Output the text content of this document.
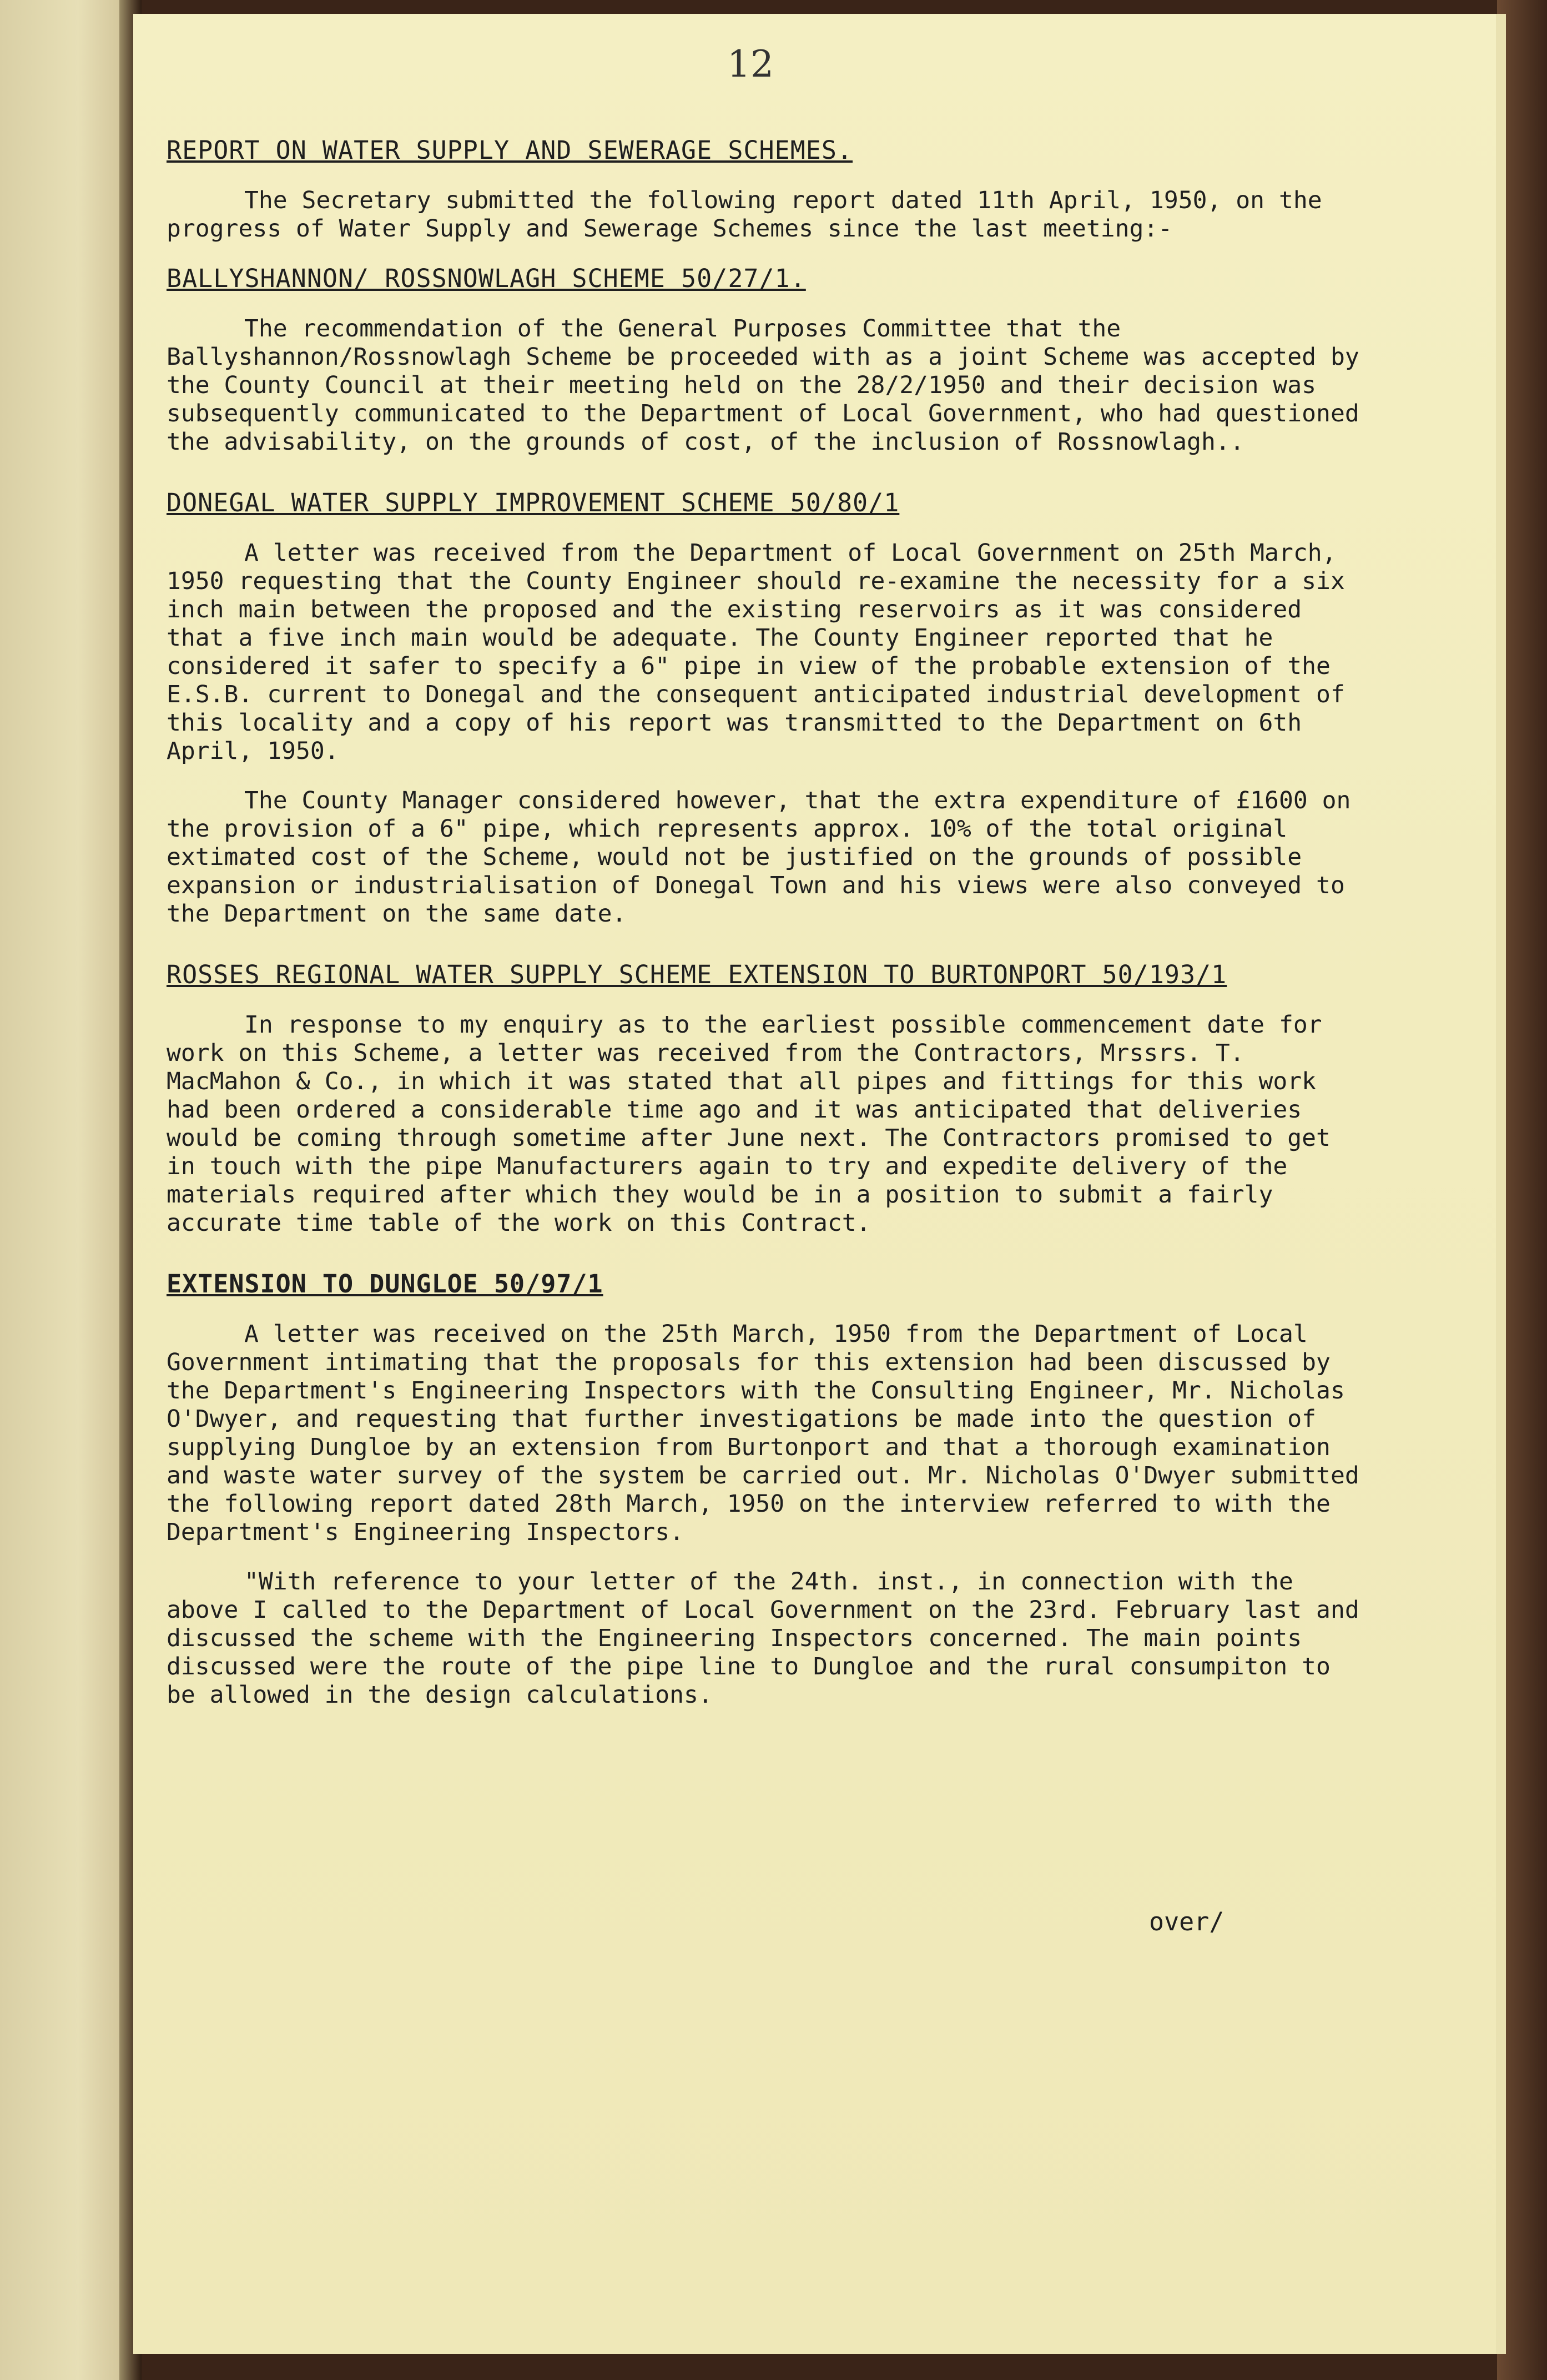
12
REPORT ON WATER SUPPLY AND SEWERAGE SCHEMES.

The Secretary submitted the following report dated 11th April, 1950, on the progress of Water Supply and Sewerage Schemes since the last meeting:-

BALLYSHANNON/ ROSSNOWLAGH SCHEME 50/27/1.

The recommendation of the General Purposes Committee that the Ballyshannon/Rossnowlagh Scheme be proceeded with as a joint Scheme was accepted by the County Council at their meeting held on the 28/2/1950 and their decision was subsequently communicated to the Department of Local Government, who had questioned the advisability, on the grounds of cost, of the inclusion of Rossnowlagh..

DONEGAL WATER SUPPLY IMPROVEMENT SCHEME 50/80/1

A letter was received from the Department of Local Government on 25th March, 1950 requesting that the County Engineer should re-examine the necessity for a six inch main between the proposed and the existing reservoirs as it was considered that a five inch main would be adequate. The County Engineer reported that he considered it safer to specify a 6" pipe in view of the probable extension of the E.S.B. current to Donegal and the consequent anticipated industrial development of this locality and a copy of his report was transmitted to the Department on 6th April, 1950.

The County Manager considered however, that the extra expenditure of £1600 on the provision of a 6" pipe, which represents approx. 10% of the total original extimated cost of the Scheme, would not be justified on the grounds of possible expansion or industrialisation of Donegal Town and his views were also conveyed to the Department on the same date.

ROSSES REGIONAL WATER SUPPLY SCHEME EXTENSION TO BURTONPORT 50/193/1

In response to my enquiry as to the earliest possible commencement date for work on this Scheme, a letter was received from the Contractors, Mrssrs. T. MacMahon & Co., in which it was stated that all pipes and fittings for this work had been ordered a considerable time ago and it was anticipated that deliveries would be coming through sometime after June next. The Contractors promised to get in touch with the pipe Manufacturers again to try and expedite delivery of the materials required after which they would be in a position to submit a fairly accurate time table of the work on this Contract.

EXTENSION TO DUNGLOE 50/97/1

A letter was received on the 25th March, 1950 from the Department of Local Government intimating that the proposals for this extension had been discussed by the Department's Engineering Inspectors with the Consulting Engineer, Mr. Nicholas O'Dwyer, and requesting that further investigations be made into the question of supplying Dungloe by an extension from Burtonport and that a thorough examination and waste water survey of the system be carried out. Mr. Nicholas O'Dwyer submitted the following report dated 28th March, 1950 on the interview referred to with the Department's Engineering Inspectors.

"With reference to your letter of the 24th. inst., in connection with the above I called to the Department of Local Government on the 23rd. February last and discussed the scheme with the Engineering Inspectors concerned. The main points discussed were the route of the pipe line to Dungloe and the rural consumpiton to be allowed in the design calculations.

over/
